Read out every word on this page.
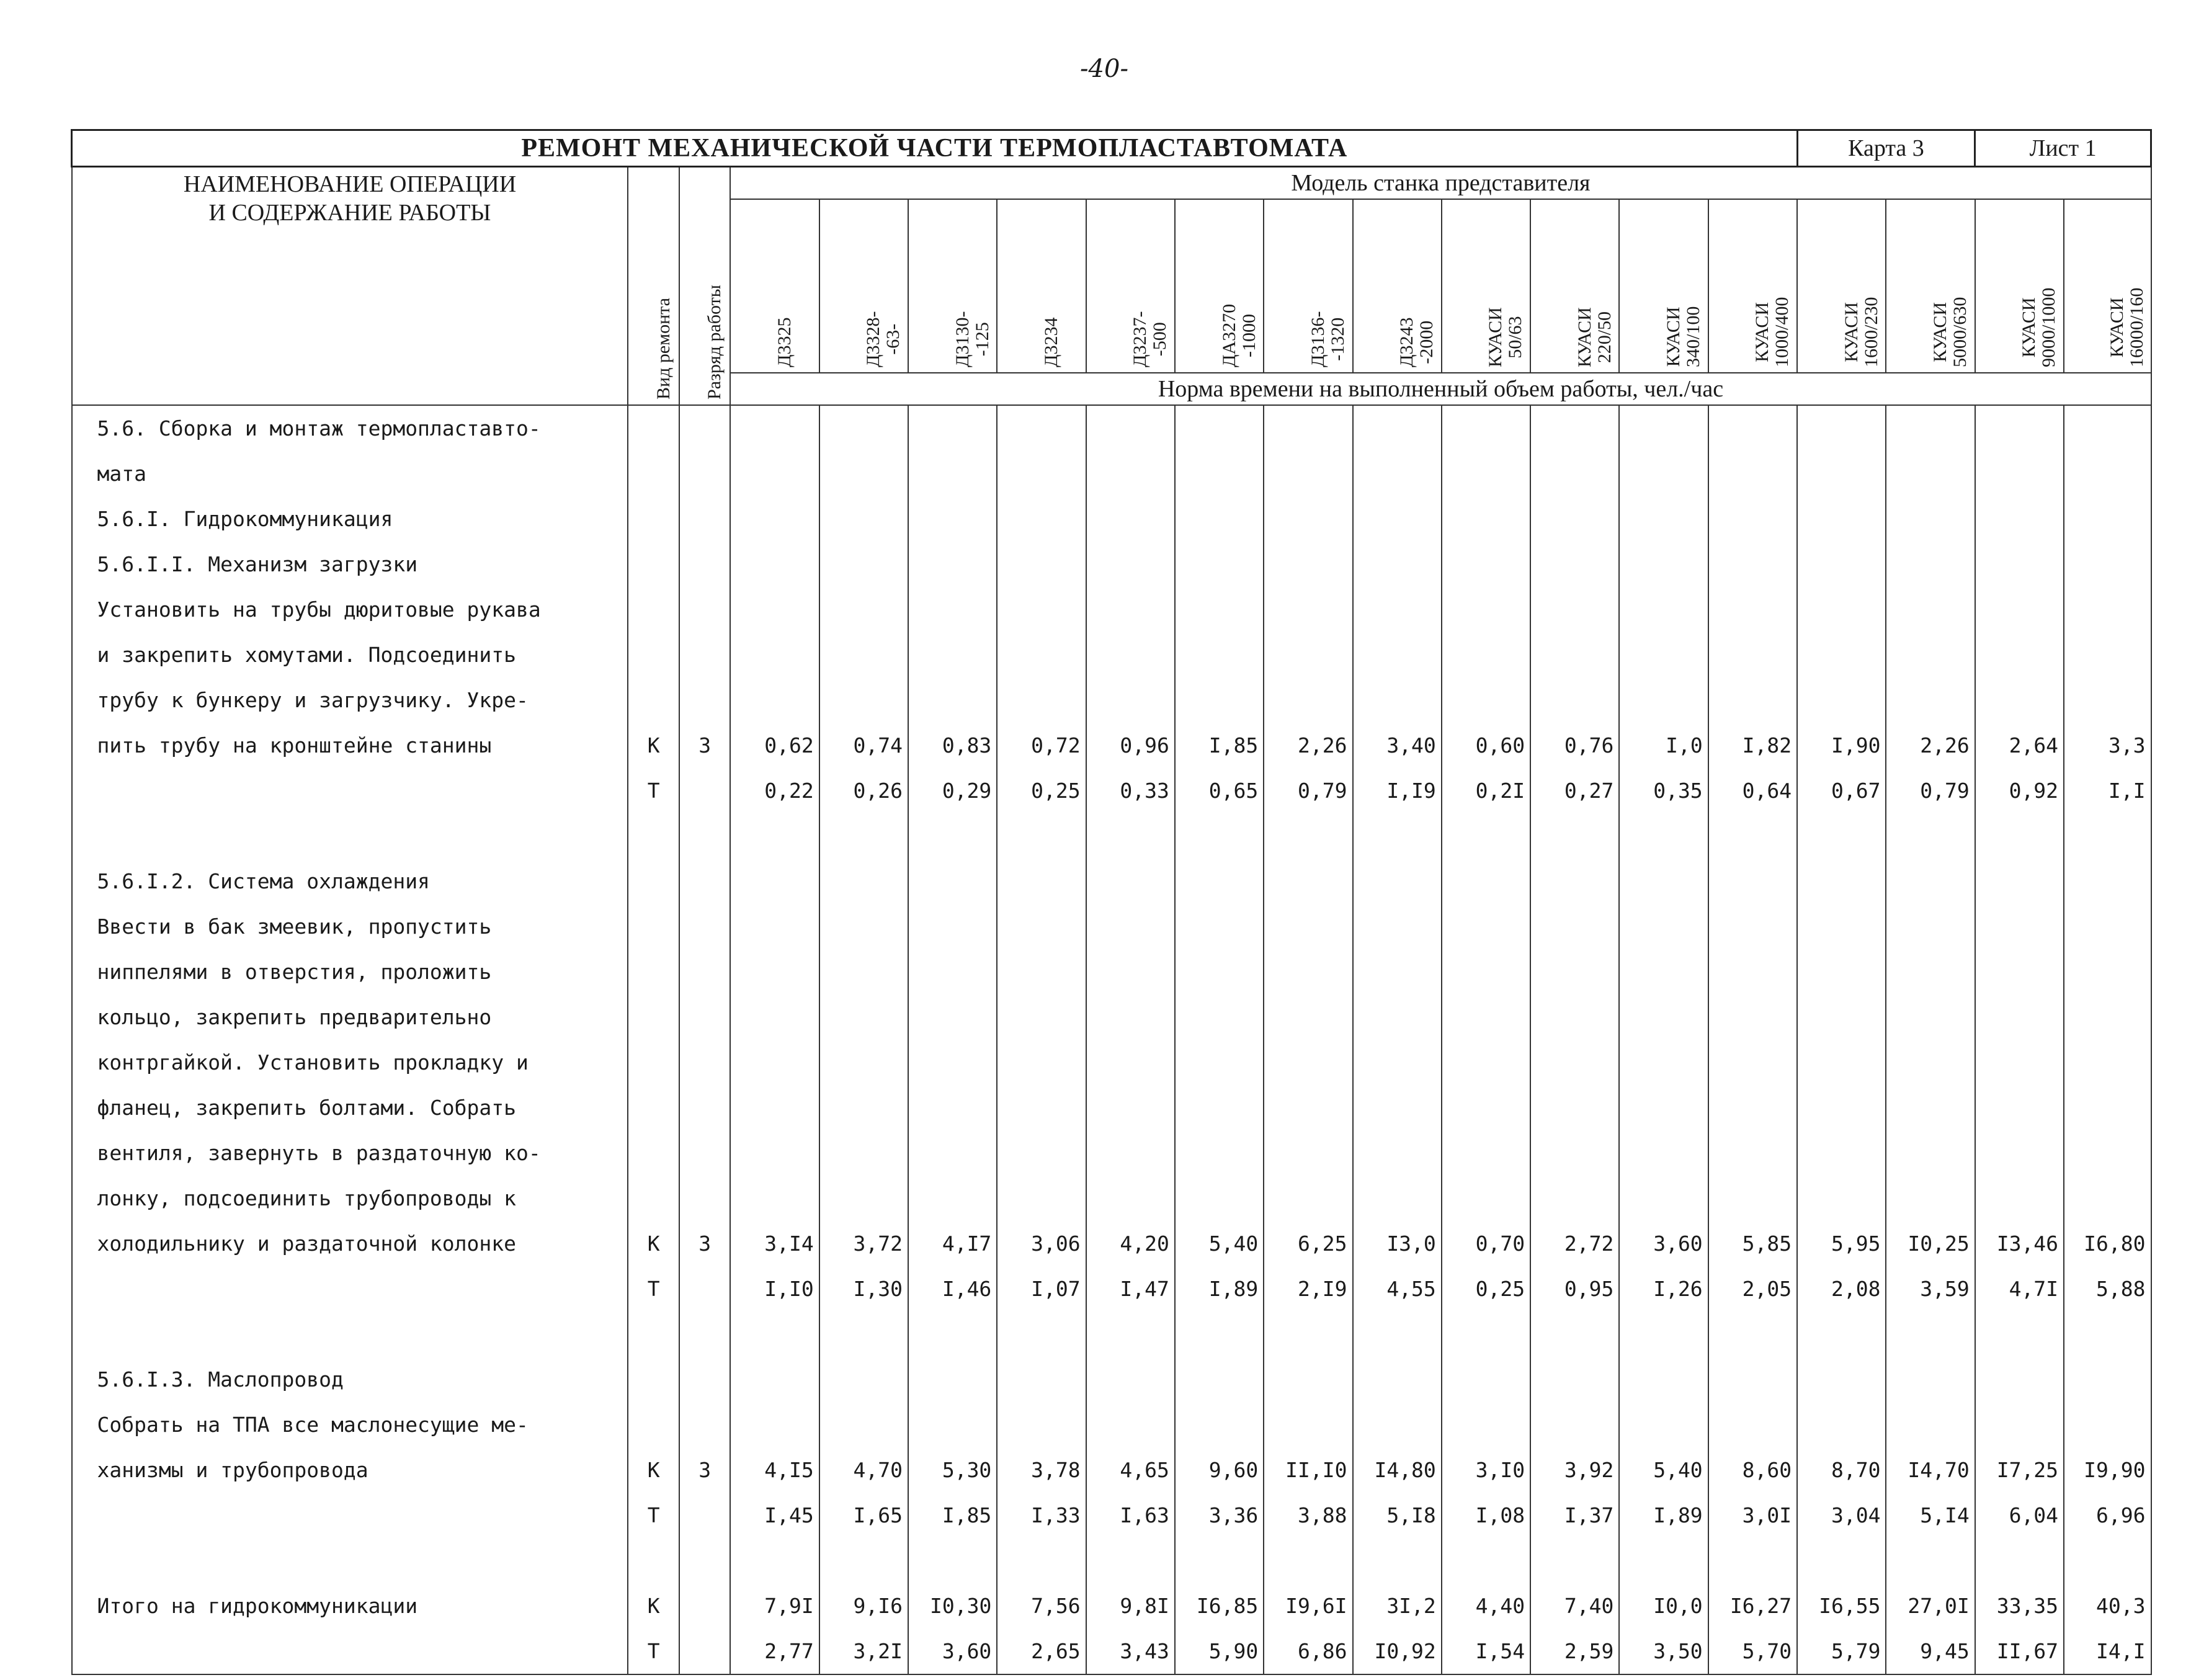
-40-
РЕМОНТ МЕХАНИЧЕСКОЙ ЧАСТИ ТЕРМОПЛАСТАВТОМАТА															Карта 3		Лист 1	
НАИМЕНОВАНИЕ ОПЕРАЦИИ
И СОДЕРЖАНИЕ РАБОТЫ	Вид ремонта	Разряд работы	Модель станка представителя															

			Д3325	Д3328-
-63-	Д3130-
-125	Д3234	Д3237-
-500	ДА3270
-1000	Д3136-
-1320	Д3243
-2000	КУАСИ
50/63	КУАСИ
220/50	КУАСИ
340/100	КУАСИ
1000/400	КУАСИ
1600/230	КУАСИ
5000/630	КУАСИ
9000/1000	КУАСИ
16000/160

			Норма времени на выполненный объем работы, чел./час															
5.6. Сборка и монтаж термопластавто-																		
мата																		
5.6.I. Гидрокоммуникация																		
5.6.I.I. Механизм загрузки																		
Установить на трубы дюритовые рукава																		
и закрепить хомутами. Подсоединить																		
трубу к бункеру и загрузчику. Укре-																		
пить трубу на кронштейне станины	К	3	0,62	0,74	0,83	0,72	0,96	I,85	2,26	3,40	0,60	0,76	I,0	I,82	I,90	2,26	2,64	3,3
	Т		0,22	0,26	0,29	0,25	0,33	0,65	0,79	I,I9	0,2I	0,27	0,35	0,64	0,67	0,79	0,92	I,I

5.6.I.2. Система охлаждения																		
Ввести в бак змеевик, пропустить																		
ниппелями в отверстия, проложить																		
кольцо, закрепить предварительно																		
контргайкой. Установить прокладку и																		
фланец, закрепить болтами. Собрать																		
вентиля, завернуть в раздаточную ко-																		
лонку, подсоединить трубопроводы к																		
холодильнику и раздаточной колонке	К	3	3,I4	3,72	4,I7	3,06	4,20	5,40	6,25	I3,0	0,70	2,72	3,60	5,85	5,95	I0,25	I3,46	I6,80
	Т		I,I0	I,30	I,46	I,07	I,47	I,89	2,I9	4,55	0,25	0,95	I,26	2,05	2,08	3,59	4,7I	5,88

5.6.I.3. Маслопровод																		
Собрать на ТПА все маслонесущие ме-																		
ханизмы и трубопровода	К	3	4,I5	4,70	5,30	3,78	4,65	9,60	II,I0	I4,80	3,I0	3,92	5,40	8,60	8,70	I4,70	I7,25	I9,90
	Т		I,45	I,65	I,85	I,33	I,63	3,36	3,88	5,I8	I,08	I,37	I,89	3,0I	3,04	5,I4	6,04	6,96

Итого на гидрокоммуникации	К		7,9I	9,I6	I0,30	7,56	9,8I	I6,85	I9,6I	3I,2	4,40	7,40	I0,0	I6,27	I6,55	27,0I	33,35	40,3
	Т		2,77	3,2I	3,60	2,65	3,43	5,90	6,86	I0,92	I,54	2,59	3,50	5,70	5,79	9,45	II,67	I4,I
